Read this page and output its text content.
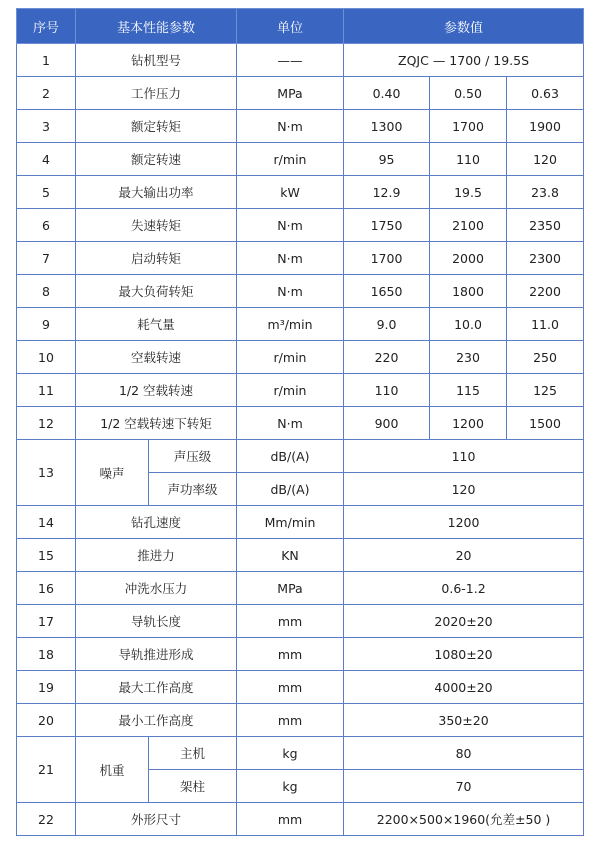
序号	基本性能参数		单位	参数值		
1	钻机型号		——	ZQJC — 1700 / 19.5S		
2	工作压力		MPa	0.40	0.50	0.63
3	额定转矩		N·m	1300	1700	1900
4	额定转速		r/min	95	110	120
5	最大输出功率		kW	12.9	19.5	23.8
6	失速转矩		N·m	1750	2100	2350
7	启动转矩		N·m	1700	2000	2300
8	最大负荷转矩		N·m	1650	1800	2200
9	耗气量		m³/min	9.0	10.0	11.0
10	空载转速		r/min	220	230	250
11	1/2 空载转速		r/min	110	115	125
12	1/2 空载转速下转矩		N·m	900	1200	1500
13	噪声	声压级	dB/(A)	110		
		声功率级	dB/(A)	120		
14	钻孔速度		Mm/min	1200		
15	推进力		KN	20		
16	冲洗水压力		MPa	0.6-1.2		
17	导轨长度		mm	2020±20		
18	导轨推进形成		mm	1080±20		
19	最大工作高度		mm	4000±20		
20	最小工作高度		mm	350±20		
21	机重	主机	kg	80		
		架柱	kg	70		
22	外形尺寸		mm	2200×500×1960(允差±50 )		
